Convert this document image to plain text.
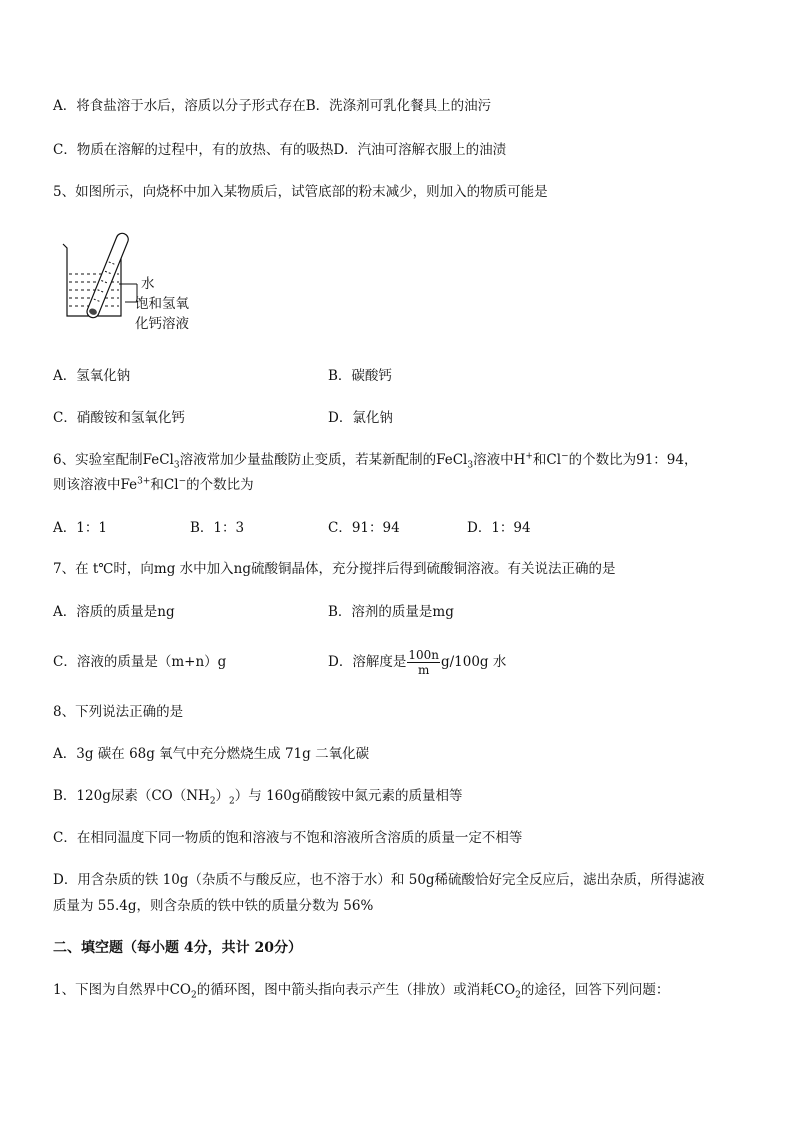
A．将食盐溶于水后，溶质以分子形式存在B．洗涤剂可乳化餐具上的油污
C．物质在溶解的过程中，有的放热、有的吸热D．汽油可溶解衣服上的油渍
5、如图所示，向烧杯中加入某物质后，试管底部的粉末减少，则加入的物质可能是
水
饱和氢氧
化钙溶液
A．氢氧化钠	B．碳酸钙
C．硝酸铵和氢氧化钙	D．氯化钠
6、实验室配制FeCl$_3$溶液常加少量盐酸防止变质，若某新配制的FeCl$_3$溶液中H+和Cl−的个数比为91：94，
则该溶液中$Fe^{3+}$和Cl−的个数比为
A．1：1	B．1：3	C．91：94	D．1：94
7、在 t℃时，向mg 水中加入ng硫酸铜晶体，充分搅拌后得到硫酸铜溶液。有关说法正确的是
A．溶质的质量是ng	B．溶剂的质量是mg
C．溶液的质量是（m+n）g	D．溶解度是 $\frac{100n}{m} g/100g$ 水
8、下列说法正确的是
A．3g 碳在 68g 氧气中充分燃烧生成 71g 二氧化碳
B．120g尿素$(CO(NH_2)_2)$与 160g硝酸铵中氮元素的质量相等
C．在相同温度下同一物质的饱和溶液与不饱和溶液所含溶质的质量一定不相等
D．用含杂质的铁 10g（杂质不与酸反应，也不溶于水）和 50g稀硫酸恰好完全反应后，滤出杂质，所得滤液
质量为 55.4g，则含杂质的铁中铁的质量分数为 56%
二、填空题（每小题 4分，共计 20分）
1、下图为自然界中$CO_2$的循环图，图中箭头指向表示产生（排放）或消耗$CO_2$的途径，回答下列问题：
